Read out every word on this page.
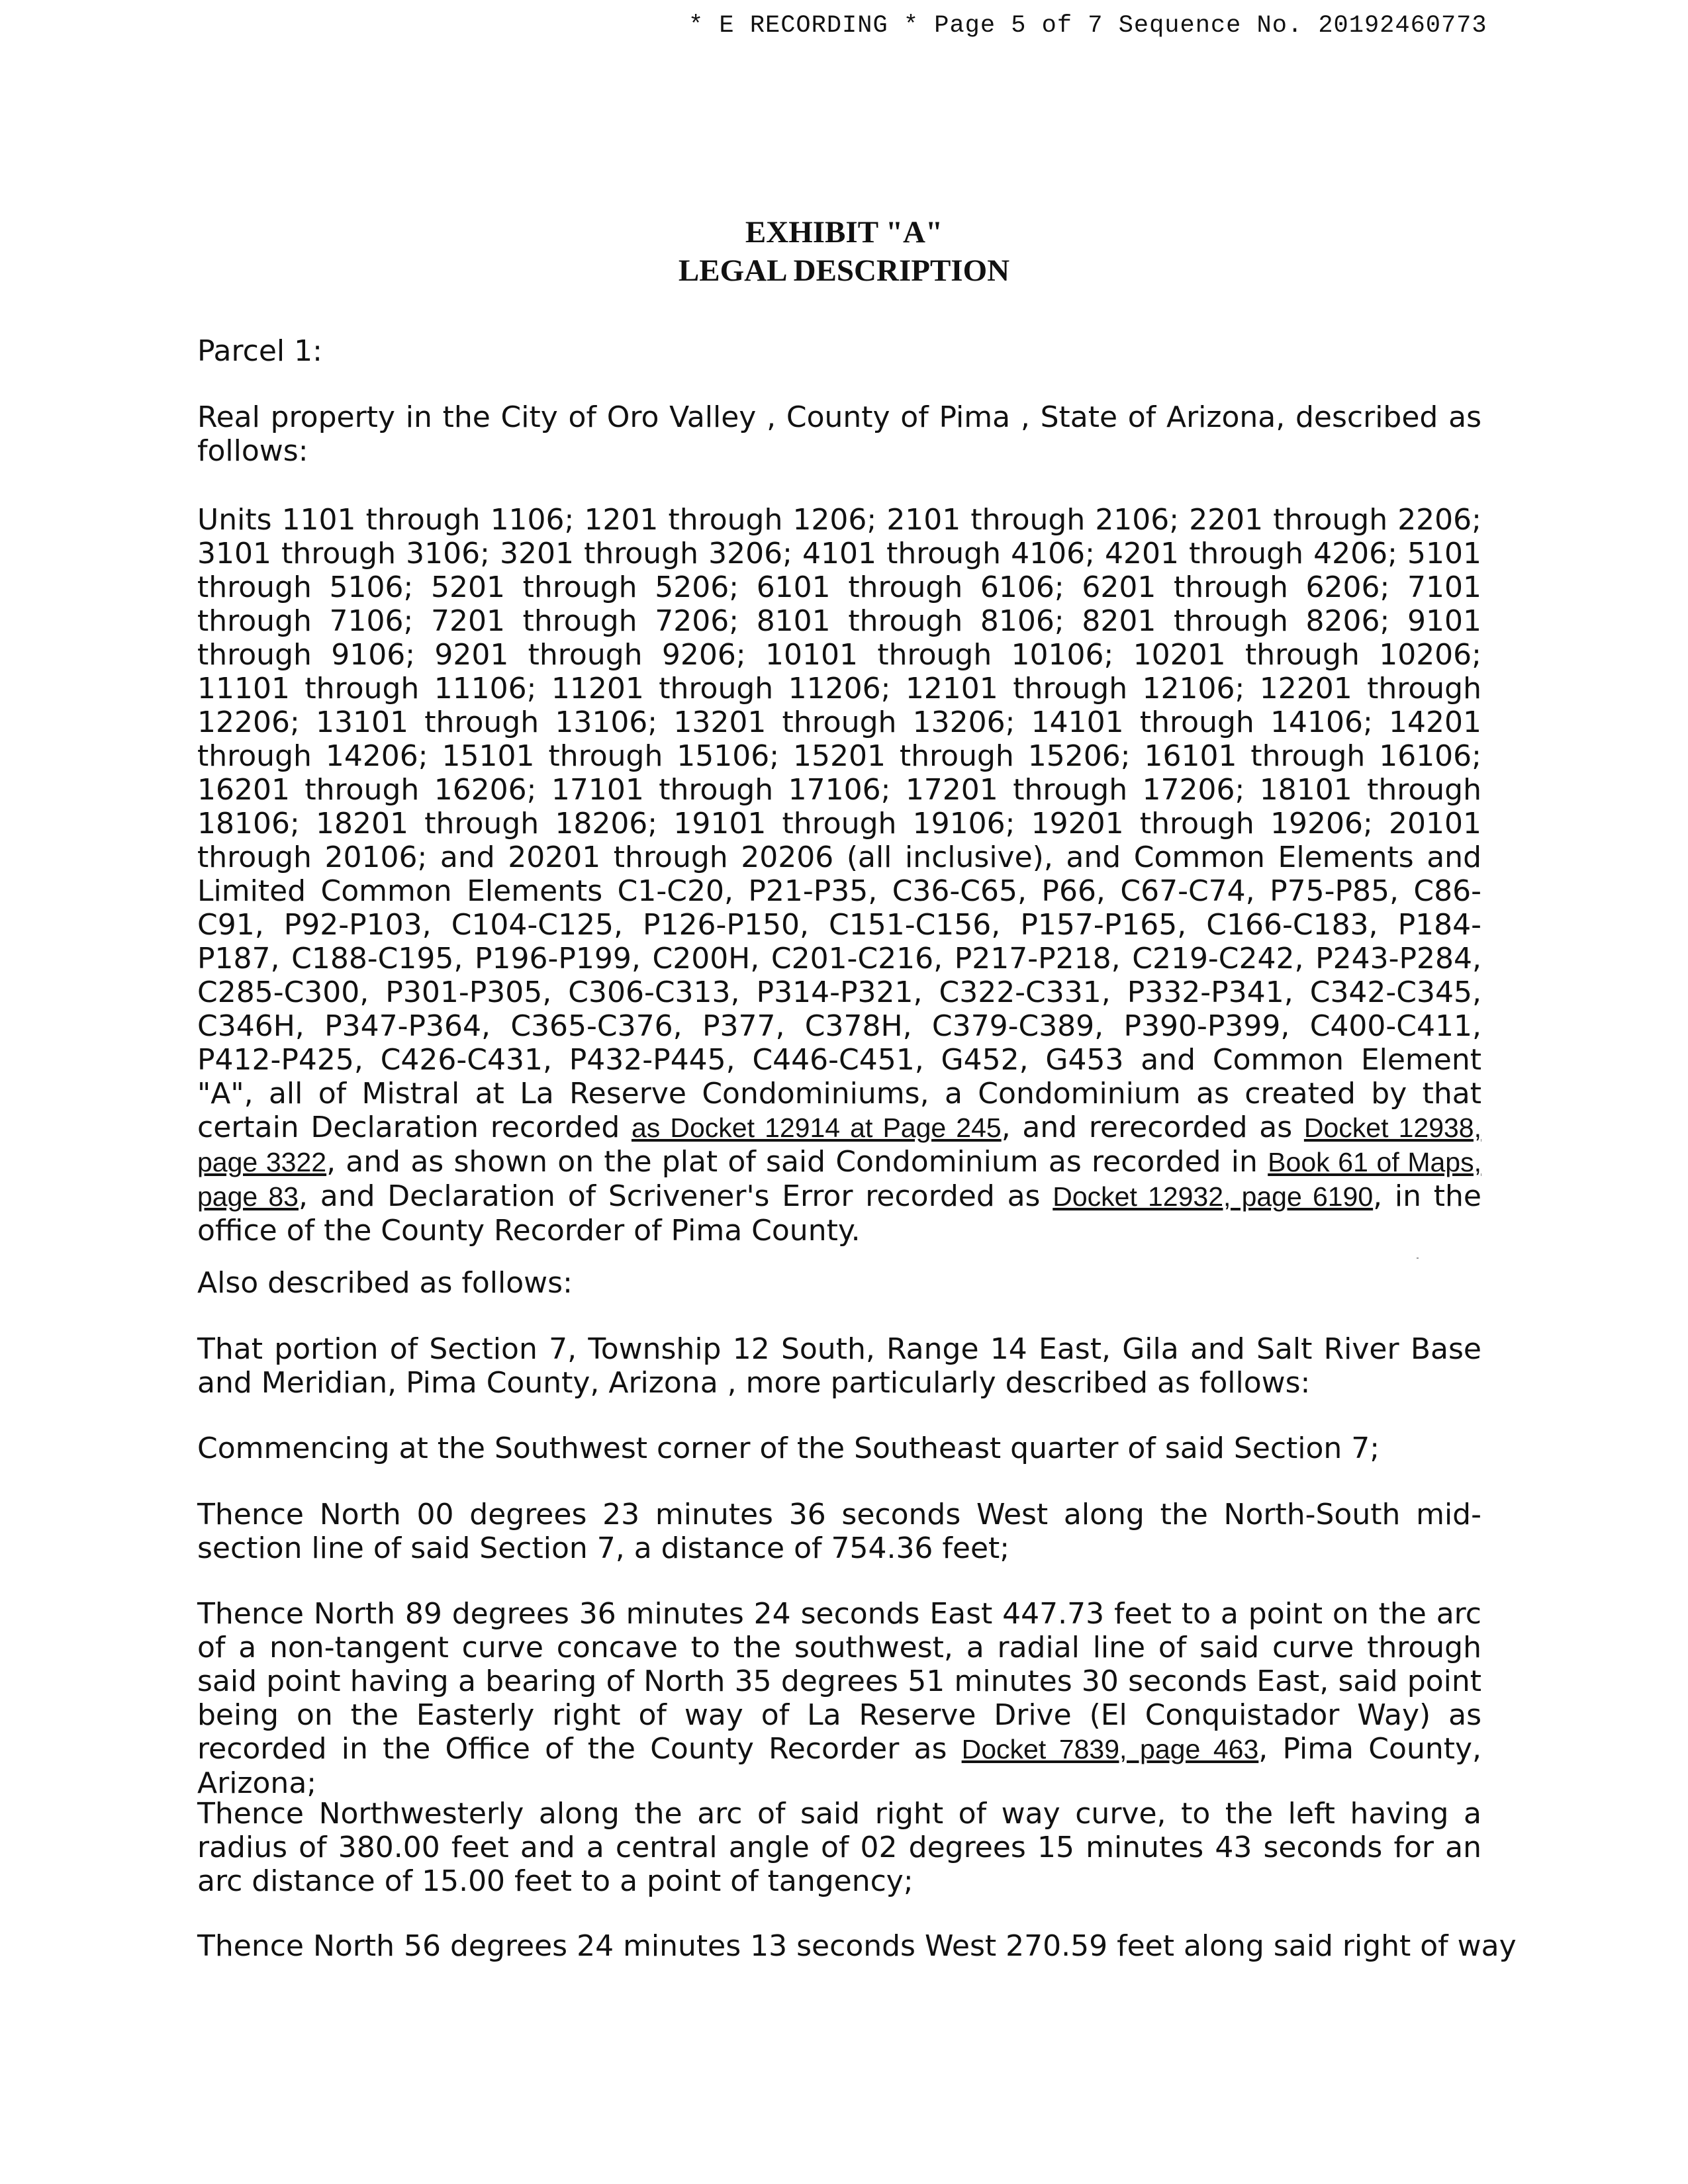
* E RECORDING * Page 5 of 7 Sequence No. 20192460773
EXHIBIT "A"
LEGAL DESCRIPTION
Parcel 1:
Real property in the City of Oro Valley , County of Pima , State of Arizona, described as follows:
Units 1101 through 1106; 1201 through 1206; 2101 through 2106; 2201 through 2206; 3101 through 3106; 3201 through 3206; 4101 through 4106; 4201 through 4206; 5101 through 5106; 5201 through 5206; 6101 through 6106; 6201 through 6206; 7101 through 7106; 7201 through 7206; 8101 through 8106; 8201 through 8206; 9101 through 9106; 9201 through 9206; 10101 through 10106; 10201 through 10206; 11101 through 11106; 11201 through 11206; 12101 through 12106; 12201 through 12206; 13101 through 13106; 13201 through 13206; 14101 through 14106; 14201 through 14206; 15101 through 15106; 15201 through 15206; 16101 through 16106; 16201 through 16206; 17101 through 17106; 17201 through 17206; 18101 through 18106; 18201 through 18206; 19101 through 19106; 19201 through 19206; 20101 through 20106; and 20201 through 20206 (all inclusive), and Common Elements and Limited Common Elements C1-C20, P21-P35, C36-C65, P66, C67-C74, P75-P85, C86-C91, P92-P103, C104-C125, P126-P150, C151-C156, P157-P165, C166-C183, P184-P187, C188-C195, P196-P199, C200H, C201-C216, P217-P218, C219-C242, P243-P284, C285-C300, P301-P305, C306-C313, P314-P321, C322-C331, P332-P341, C342-C345, C346H, P347-P364, C365-C376, P377, C378H, C379-C389, P390-P399, C400-C411, P412-P425, C426-C431, P432-P445, C446-C451, G452, G453 and Common Element "A", all of Mistral at La Reserve Condominiums, a Condominium as created by that certain Declaration recorded as Docket 12914 at Page 245, and rerecorded as Docket 12938, page 3322, and as shown on the plat of said Condominium as recorded in Book 61 of Maps, page 83, and Declaration of Scrivener's Error recorded as Docket 12932, page 6190, in the office of the County Recorder of Pima County.
Also described as follows:
That portion of Section 7, Township 12 South, Range 14 East, Gila and Salt River Base and Meridian, Pima County, Arizona , more particularly described as follows:
Commencing at the Southwest corner of the Southeast quarter of said Section 7;
Thence North 00 degrees 23 minutes 36 seconds West along the North-South mid-section line of said Section 7, a distance of 754.36 feet;
Thence North 89 degrees 36 minutes 24 seconds East 447.73 feet to a point on the arc of a non-tangent curve concave to the southwest, a radial line of said curve through said point having a bearing of North 35 degrees 51 minutes 30 seconds East, said point being on the Easterly right of way of La Reserve Drive (El Conquistador Way) as recorded in the Office of the County Recorder as Docket 7839, page 463, Pima County, Arizona;
Thence Northwesterly along the arc of said right of way curve, to the left having a radius of 380.00 feet and a central angle of 02 degrees 15 minutes 43 seconds for an arc distance of 15.00 feet to a point of tangency;
Thence North 56 degrees 24 minutes 13 seconds West 270.59 feet along said right of way
